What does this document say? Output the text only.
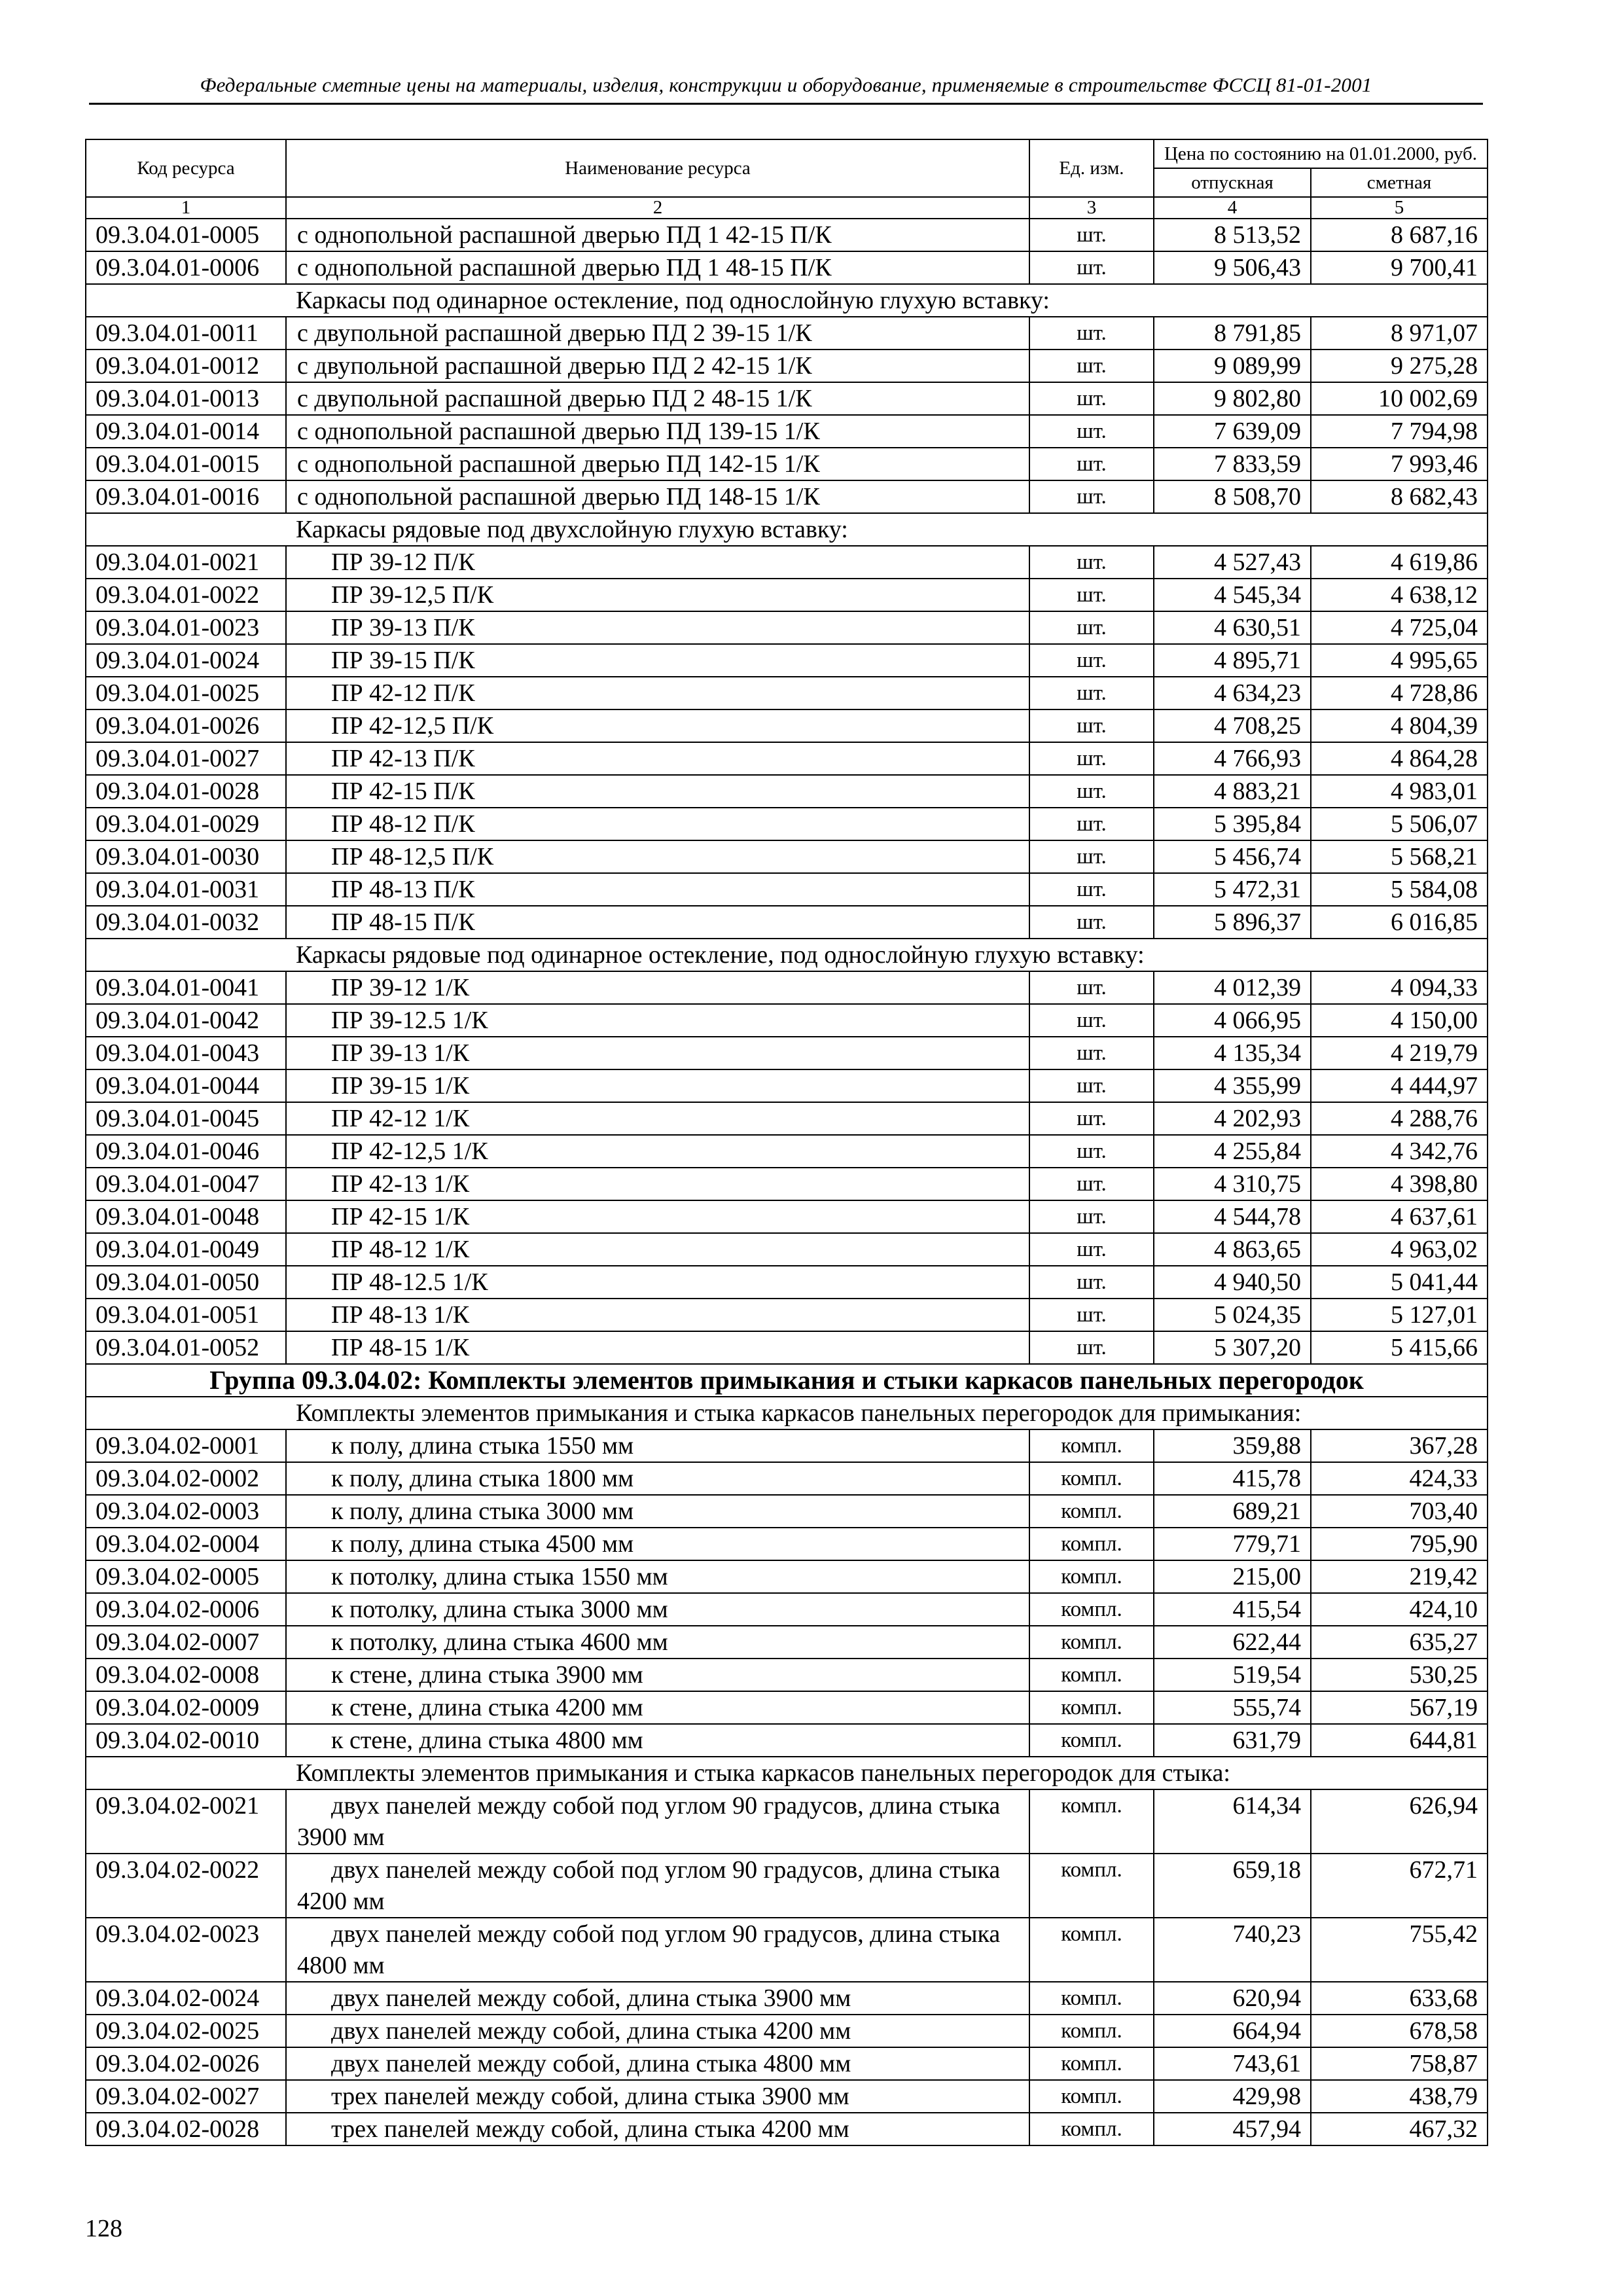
Федеральные сметные цены на материалы, изделия, конструкции и оборудование, применяемые в строительстве ФССЦ 81-01-2001
Код ресурса	Наименование ресурса	Ед. изм.	Цена по состоянию на 01.01.2000, руб.	
			отпускная	сметная
1	2	3	4	5
09.3.04.01-0005	с однопольной распашной дверью ПД 1 42-15 П/К	шт.	8 513,52	8 687,16
09.3.04.01-0006	с однопольной распашной дверью ПД 1 48-15 П/К	шт.	9 506,43	9 700,41
Каркасы под одинарное остекление, под однослойную глухую вставку:				
09.3.04.01-0011	с двупольной распашной дверью ПД 2 39-15 1/К	шт.	8 791,85	8 971,07
09.3.04.01-0012	с двупольной распашной дверью ПД 2 42-15 1/К	шт.	9 089,99	9 275,28
09.3.04.01-0013	с двупольной распашной дверью ПД 2 48-15 1/К	шт.	9 802,80	10 002,69
09.3.04.01-0014	с однопольной распашной дверью ПД 139-15 1/К	шт.	7 639,09	7 794,98
09.3.04.01-0015	с однопольной распашной дверью ПД 142-15 1/К	шт.	7 833,59	7 993,46
09.3.04.01-0016	с однопольной распашной дверью ПД 148-15 1/К	шт.	8 508,70	8 682,43
Каркасы рядовые под двухслойную глухую вставку:				
09.3.04.01-0021	ПР 39-12 П/К	шт.	4 527,43	4 619,86
09.3.04.01-0022	ПР 39-12,5 П/К	шт.	4 545,34	4 638,12
09.3.04.01-0023	ПР 39-13 П/К	шт.	4 630,51	4 725,04
09.3.04.01-0024	ПР 39-15 П/К	шт.	4 895,71	4 995,65
09.3.04.01-0025	ПР 42-12 П/К	шт.	4 634,23	4 728,86
09.3.04.01-0026	ПР 42-12,5 П/К	шт.	4 708,25	4 804,39
09.3.04.01-0027	ПР 42-13 П/К	шт.	4 766,93	4 864,28
09.3.04.01-0028	ПР 42-15 П/К	шт.	4 883,21	4 983,01
09.3.04.01-0029	ПР 48-12 П/К	шт.	5 395,84	5 506,07
09.3.04.01-0030	ПР 48-12,5 П/К	шт.	5 456,74	5 568,21
09.3.04.01-0031	ПР 48-13 П/К	шт.	5 472,31	5 584,08
09.3.04.01-0032	ПР 48-15 П/К	шт.	5 896,37	6 016,85
Каркасы рядовые под одинарное остекление, под однослойную глухую вставку:				
09.3.04.01-0041	ПР 39-12 1/К	шт.	4 012,39	4 094,33
09.3.04.01-0042	ПР 39-12.5 1/К	шт.	4 066,95	4 150,00
09.3.04.01-0043	ПР 39-13 1/К	шт.	4 135,34	4 219,79
09.3.04.01-0044	ПР 39-15 1/К	шт.	4 355,99	4 444,97
09.3.04.01-0045	ПР 42-12 1/К	шт.	4 202,93	4 288,76
09.3.04.01-0046	ПР 42-12,5 1/К	шт.	4 255,84	4 342,76
09.3.04.01-0047	ПР 42-13 1/К	шт.	4 310,75	4 398,80
09.3.04.01-0048	ПР 42-15 1/К	шт.	4 544,78	4 637,61
09.3.04.01-0049	ПР 48-12 1/К	шт.	4 863,65	4 963,02
09.3.04.01-0050	ПР 48-12.5 1/К	шт.	4 940,50	5 041,44
09.3.04.01-0051	ПР 48-13 1/К	шт.	5 024,35	5 127,01
09.3.04.01-0052	ПР 48-15 1/К	шт.	5 307,20	5 415,66
Группа 09.3.04.02: Комплекты элементов примыкания и стыки каркасов панельных перегородок				
Комплекты элементов примыкания и стыка каркасов панельных перегородок для примыкания:				
09.3.04.02-0001	к полу, длина стыка 1550 мм	компл.	359,88	367,28
09.3.04.02-0002	к полу, длина стыка 1800 мм	компл.	415,78	424,33
09.3.04.02-0003	к полу, длина стыка 3000 мм	компл.	689,21	703,40
09.3.04.02-0004	к полу, длина стыка 4500 мм	компл.	779,71	795,90
09.3.04.02-0005	к потолку, длина стыка 1550 мм	компл.	215,00	219,42
09.3.04.02-0006	к потолку, длина стыка 3000 мм	компл.	415,54	424,10
09.3.04.02-0007	к потолку, длина стыка 4600 мм	компл.	622,44	635,27
09.3.04.02-0008	к стене, длина стыка 3900 мм	компл.	519,54	530,25
09.3.04.02-0009	к стене, длина стыка 4200 мм	компл.	555,74	567,19
09.3.04.02-0010	к стене, длина стыка 4800 мм	компл.	631,79	644,81
Комплекты элементов примыкания и стыка каркасов панельных перегородок для стыка:				
09.3.04.02-0021	двух панелей между собой под углом 90 градусов, длина стыка 3900 мм	компл.	614,34	626,94
09.3.04.02-0022	двух панелей между собой под углом 90 градусов, длина стыка 4200 мм	компл.	659,18	672,71
09.3.04.02-0023	двух панелей между собой под углом 90 градусов, длина стыка 4800 мм	компл.	740,23	755,42
09.3.04.02-0024	двух панелей между собой, длина стыка 3900 мм	компл.	620,94	633,68
09.3.04.02-0025	двух панелей между собой, длина стыка 4200 мм	компл.	664,94	678,58
09.3.04.02-0026	двух панелей между собой, длина стыка 4800 мм	компл.	743,61	758,87
09.3.04.02-0027	трех панелей между собой, длина стыка 3900 мм	компл.	429,98	438,79
09.3.04.02-0028	трех панелей между собой, длина стыка 4200 мм	компл.	457,94	467,32
128
